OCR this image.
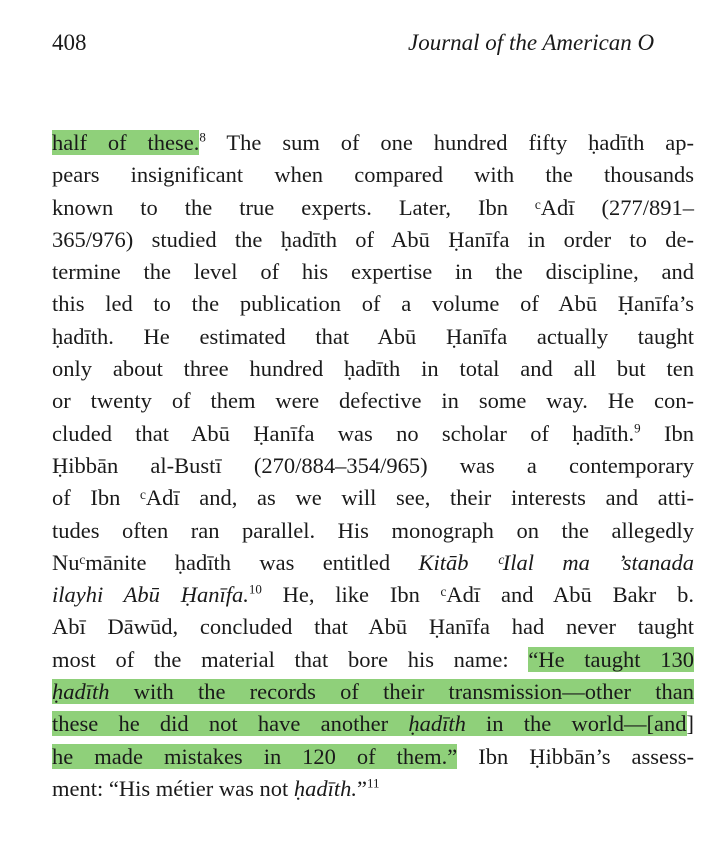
408	Journal of the American O
half of these.$^8$ The sum of one hundred fifty ḥadīth ap-
pears insignificant when compared with the thousands
known to the true experts. Later, Ibn ᶜAdī (277/891–
365/976) studied the ḥadīth of Abū Ḥanīfa in order to de-
termine the level of his expertise in the discipline, and
this led to the publication of a volume of Abū Ḥanīfa’s
ḥadīth. He estimated that Abū Ḥanīfa actually taught
only about three hundred ḥadīth in total and all but ten
or twenty of them were defective in some way. He con-
cluded that Abū Ḥanīfa was no scholar of ḥadīth.$^9$ Ibn
Ḥibbān al-Bustī (270/884–354/965) was a contemporary
of Ibn ᶜAdī and, as we will see, their interests and atti-
tudes often ran parallel. His monograph on the allegedly
Nuᶜmānite ḥadīth was entitled Kitāb ᶜIlal ma ’stanada
ilayhi Abū Ḥanīfa.$^{10}$ He, like Ibn ᶜAdī and Abū Bakr b.
Abī Dāwūd, concluded that Abū Ḥanīfa had never taught
most of the material that bore his name: “He taught 130
ḥadīth with the records of their transmission—other than
these he did not have another ḥadīth in the world—[and]
he made mistakes in 120 of them.” Ibn Ḥibbān’s assess-
ment: “His métier was not ḥadīth.”$^{11}$
